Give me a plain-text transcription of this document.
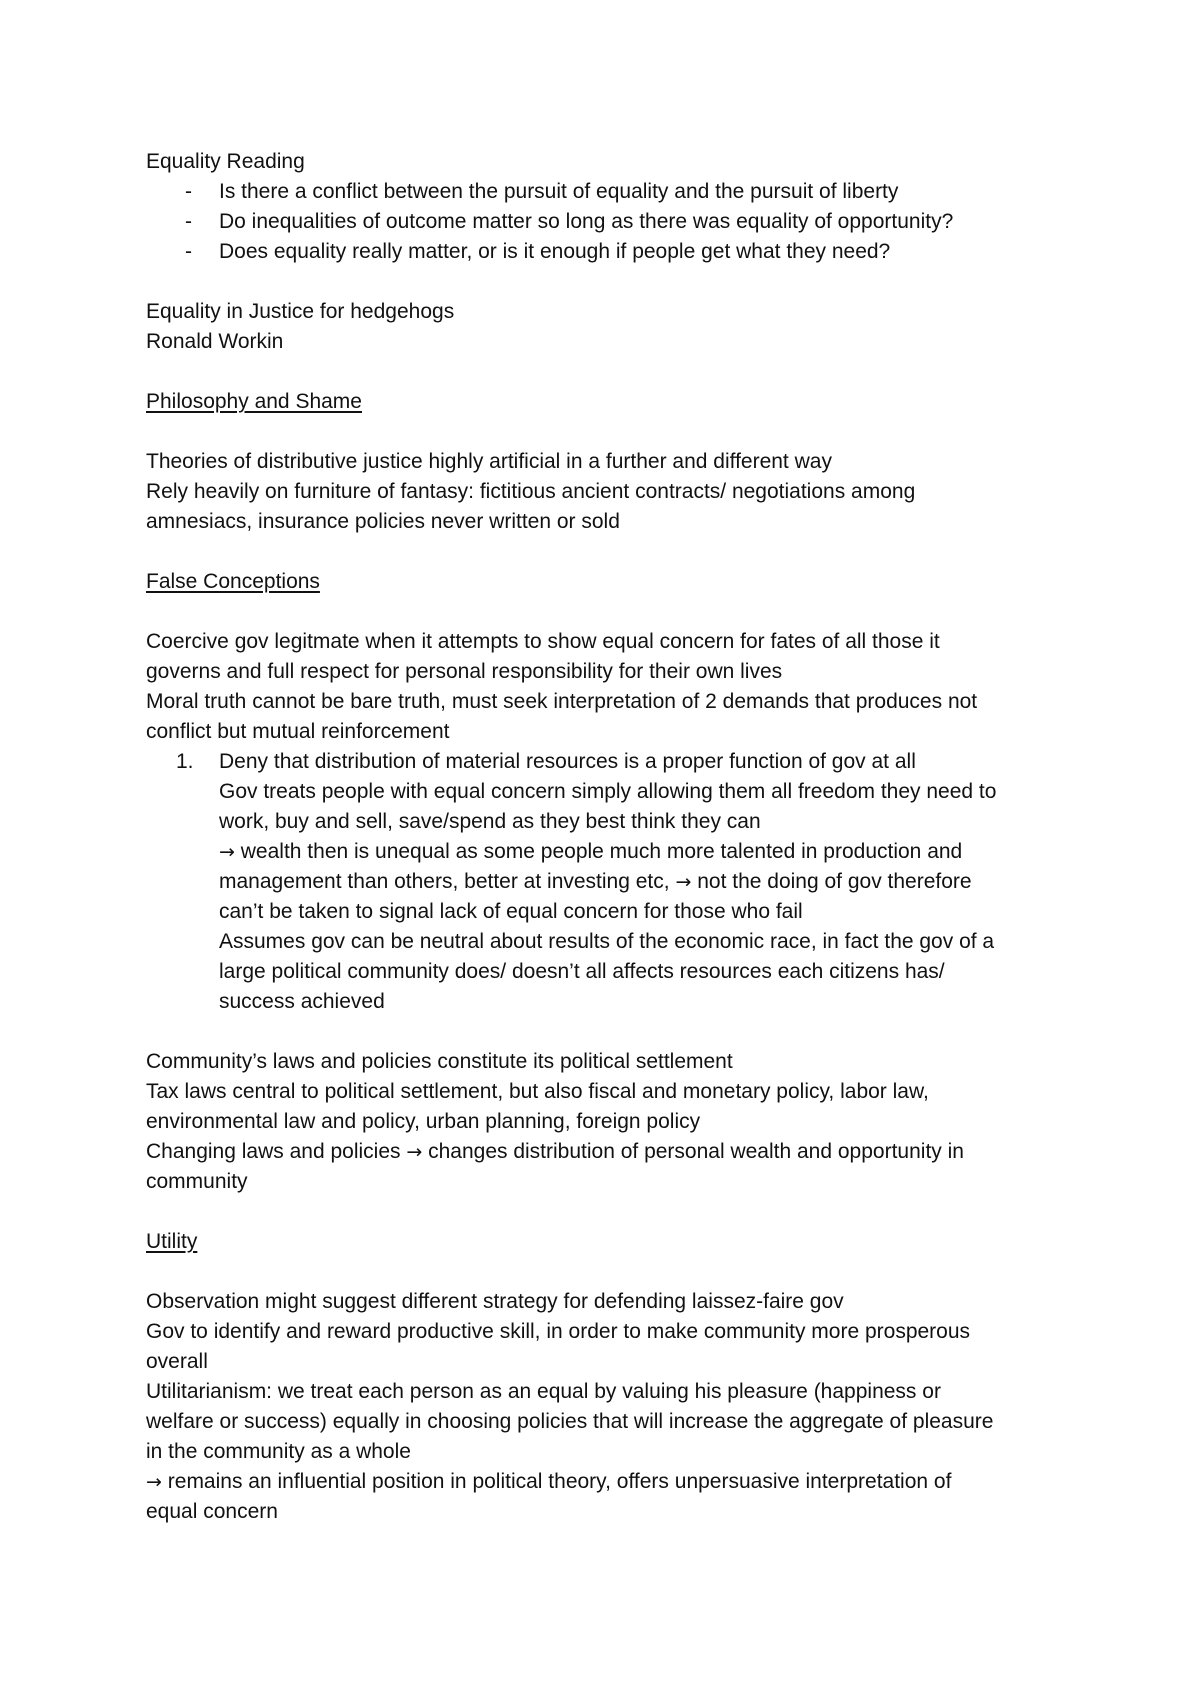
Equality Reading
-	Is there a conflict between the pursuit of equality and the pursuit of liberty
-	Do inequalities of outcome matter so long as there was equality of opportunity?
-	Does equality really matter, or is it enough if people get what they need?
Equality in Justice for hedgehogs
Ronald Workin
Philosophy and Shame
Theories of distributive justice highly artificial in a further and different way
Rely heavily on furniture of fantasy: fictitious ancient contracts/ negotiations among
amnesiacs, insurance policies never written or sold
False Conceptions
Coercive gov legitmate when it attempts to show equal concern for fates of all those it
governs and full respect for personal responsibility for their own lives
Moral truth cannot be bare truth, must seek interpretation of 2 demands that produces not
conflict but mutual reinforcement
1.	Deny that distribution of material resources is a proper function of gov at all
Gov treats people with equal concern simply allowing them all freedom they need to
work, buy and sell, save/spend as they best think they can
→ wealth then is unequal as some people much more talented in production and
management than others, better at investing etc, → not the doing of gov therefore
can’t be taken to signal lack of equal concern for those who fail
Assumes gov can be neutral about results of the economic race, in fact the gov of a
large political community does/ doesn’t all affects resources each citizens has/
success achieved
Community’s laws and policies constitute its political settlement
Tax laws central to political settlement, but also fiscal and monetary policy, labor law,
environmental law and policy, urban planning, foreign policy
Changing laws and policies → changes distribution of personal wealth and opportunity in
community
Utility
Observation might suggest different strategy for defending laissez-faire gov
Gov to identify and reward productive skill, in order to make community more prosperous
overall
Utilitarianism: we treat each person as an equal by valuing his pleasure (happiness or
welfare or success) equally in choosing policies that will increase the aggregate of pleasure
in the community as a whole
→ remains an influential position in political theory, offers unpersuasive interpretation of
equal concern
